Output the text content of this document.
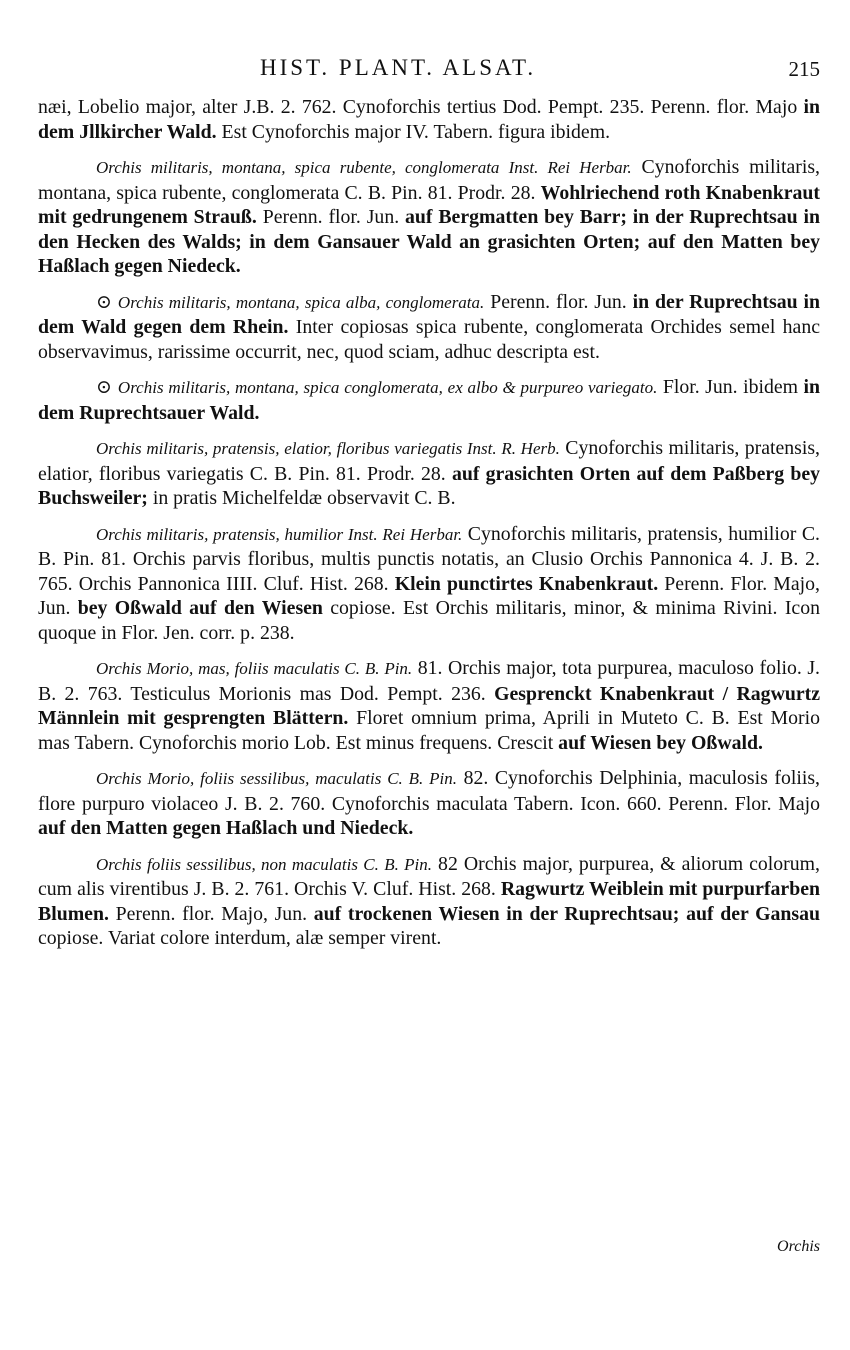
HIST. PLANT. ALSAT.	215

næi, Lobelio major, alter J.B. 2. 762. Cynoforchis tertius Dod. Pempt. 235. Perenn. flor. Majo in dem Jllkircher Wald. Est Cynoforchis major IV. Tabern. figura ibidem.

Orchis militaris, montana, spica rubente, conglomerata Inst. Rei Herbar. Cynoforchis militaris, montana, spica rubente, conglomerata C. B. Pin. 81. Prodr. 28. Wohlriechend roth Knabenkraut mit gedrungenem Strauß. Perenn. flor. Jun. auf Bergmatten bey Barr; in der Ruprechtsau in den Hecken des Walds; in dem Gansauer Wald an grasichten Orten; auf den Matten bey Haßlach gegen Niedeck.

⊙ Orchis militaris, montana, spica alba, conglomerata. Perenn. flor. Jun. in der Ruprechtsau in dem Wald gegen dem Rhein. Inter copiosas spica rubente, conglomerata Orchides semel hanc observavimus, rarissime occurrit, nec, quod sciam, adhuc descripta est.

⊙ Orchis militaris, montana, spica conglomerata, ex albo & purpureo variegato. Flor. Jun. ibidem in dem Ruprechtsauer Wald.

Orchis militaris, pratensis, elatior, floribus variegatis Inst. R. Herb. Cynoforchis militaris, pratensis, elatior, floribus variegatis C. B. Pin. 81. Prodr. 28. auf grasichten Orten auf dem Paßberg bey Buchsweiler; in pratis Michelfeldæ observavit C. B.

Orchis militaris, pratensis, humilior Inst. Rei Herbar. Cynoforchis militaris, pratensis, humilior C. B. Pin. 81. Orchis parvis floribus, multis punctis notatis, an Clusio Orchis Pannonica 4. J. B. 2. 765. Orchis Pannonica IIII. Cluf. Hist. 268. Klein punctirtes Knabenkraut. Perenn. Flor. Majo, Jun. bey Oßwald auf den Wiesen copiose. Est Orchis militaris, minor, & minima Rivini. Icon quoque in Flor. Jen. corr. p. 238.

Orchis Morio, mas, foliis maculatis C. B. Pin. 81. Orchis major, tota purpurea, maculoso folio. J. B. 2. 763. Testiculus Morionis mas Dod. Pempt. 236. Gesprenckt Knabenkraut / Ragwurtz Männlein mit gesprengten Blättern. Floret omnium prima, Aprili in Muteto C. B. Est Morio mas Tabern. Cynoforchis morio Lob. Est minus frequens. Crescit auf Wiesen bey Oßwald.

Orchis Morio, foliis sessilibus, maculatis C. B. Pin. 82. Cynoforchis Delphinia, maculosis foliis, flore purpuro violaceo J. B. 2. 760. Cynoforchis maculata Tabern. Icon. 660. Perenn. Flor. Majo auf den Matten gegen Haßlach und Niedeck.

Orchis foliis sessilibus, non maculatis C. B. Pin. 82 Orchis major, purpurea, & aliorum colorum, cum alis virentibus J. B. 2. 761. Orchis V. Cluf. Hist. 268. Ragwurtz Weiblein mit purpurfarben Blumen. Perenn. flor. Majo, Jun. auf trockenen Wiesen in der Ruprechtsau; auf der Gansau copiose. Variat colore interdum, alæ semper virent.

Orchis
